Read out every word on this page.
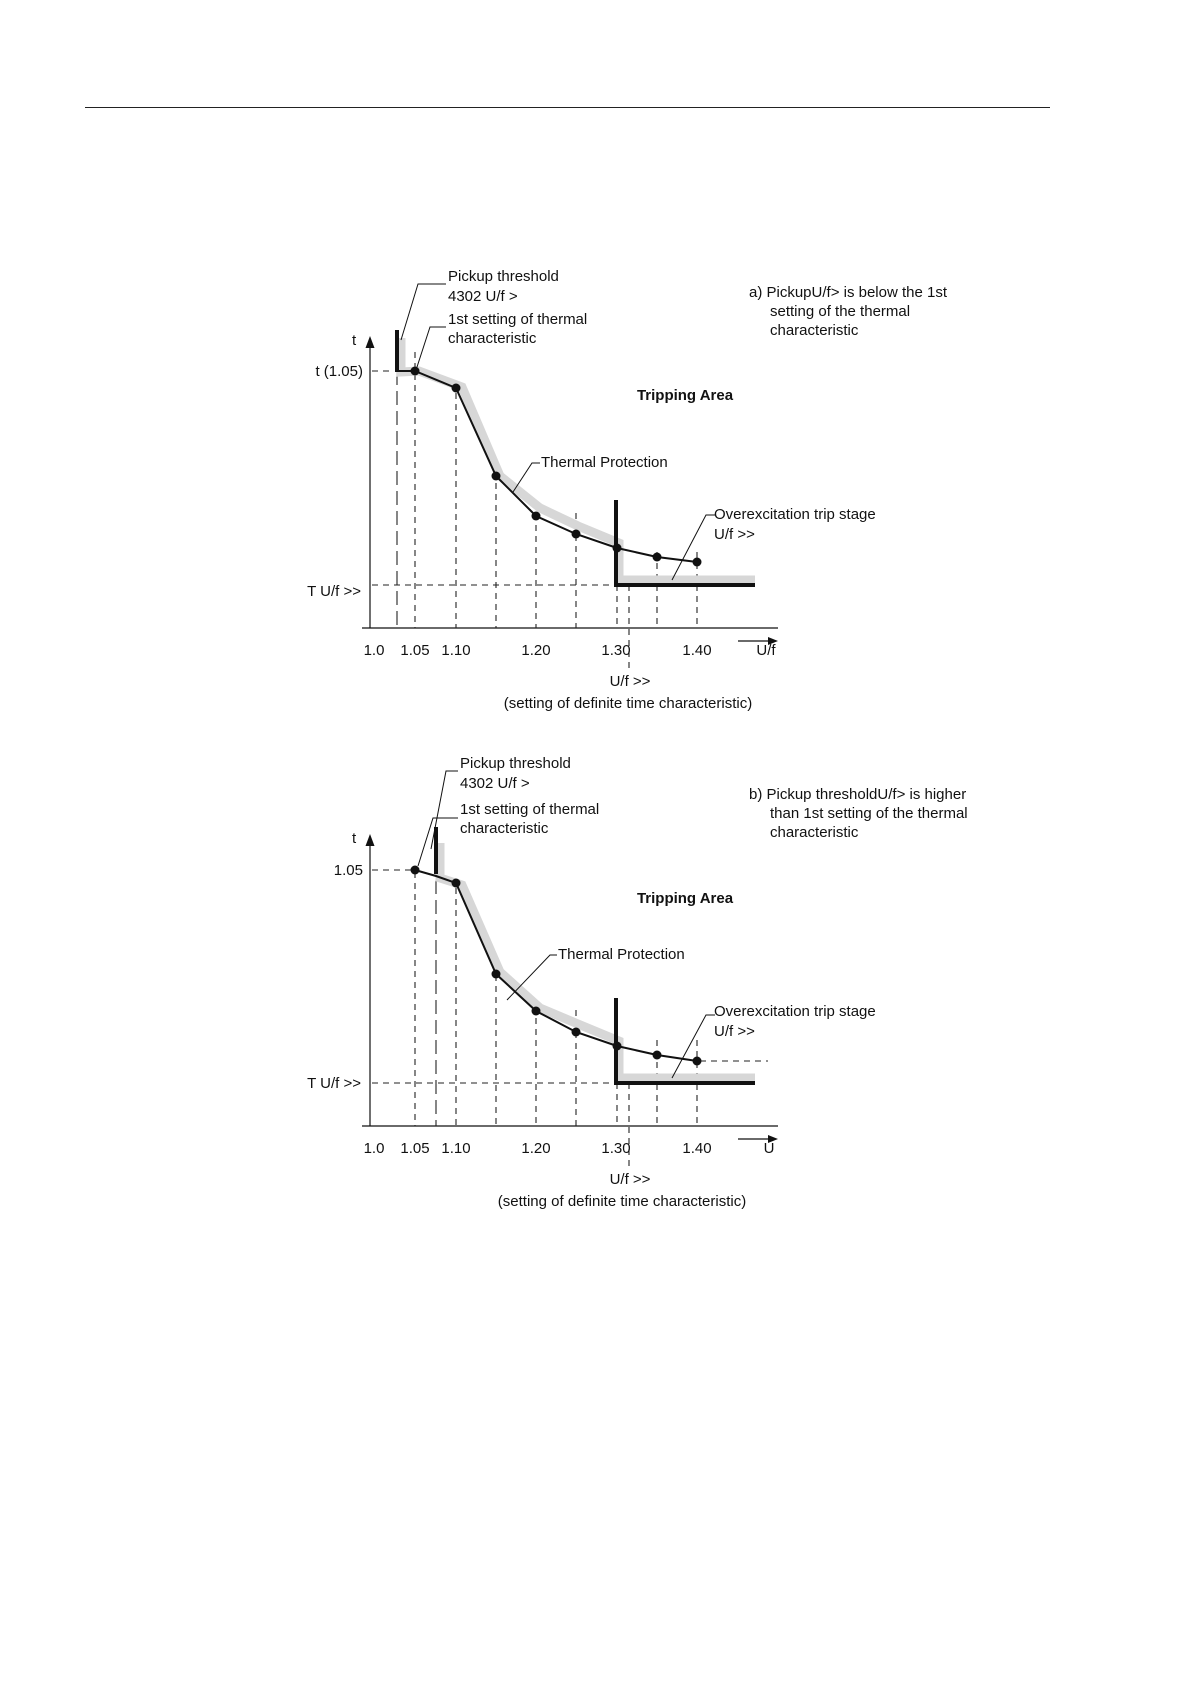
Pickup threshold
4302 U/f >
1st setting of thermal
characteristic
a) PickupU/f> is below the 1st
setting of the thermal
characteristic
t
t (1.05)
T U/f >>
Tripping Area
Thermal Protection
Overexcitation trip stage
U/f >>
1.0 1.05 1.10	1.20	1.30	1.40	U/f
U/f >>
(setting of definite time characteristic)
Pickup threshold
4302 U/f >
1st setting of thermal
characteristic
b) Pickup thresholdU/f> is higher
than 1st setting of the thermal
characteristic
t
1.05
T U/f >>
Tripping Area
Thermal Protection
Overexcitation trip stage
U/f >>
1.0 1.05 1.10	1.20	1.30	1.40	U
U/f >>
(setting of definite time characteristic)
